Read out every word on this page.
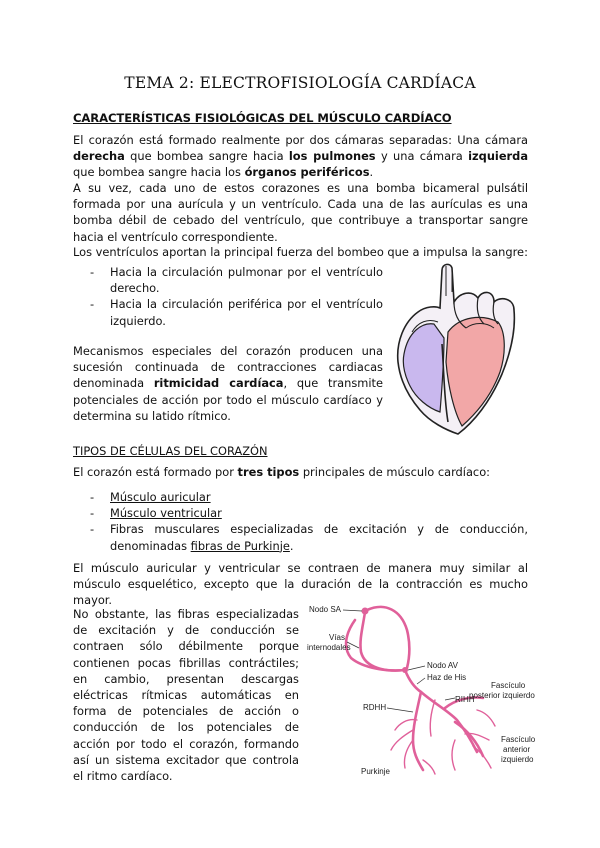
TEMA 2: ELECTROFISIOLOGÍA CARDÍACA
CARACTERÍSTICAS FISIOLÓGICAS DEL MÚSCULO CARDÍACO

El corazón está formado realmente por dos cámaras separadas: Una cámara derecha que bombea sangre hacia los pulmones y una cámara izquierda que bombea sangre hacia los órganos periféricos.

A su vez, cada uno de estos corazones es una bomba bicameral pulsátil formada por una aurícula y un ventrículo. Cada una de las aurículas es una bomba débil de cebado del ventrículo, que contribuye a transportar sangre hacia el ventrículo correspondiente.

Los ventrículos aportan la principal fuerza del bombeo que a impulsa la sangre:

- Hacia la circulación pulmonar por el ventrículo derecho.
- Hacia la circulación periférica por el ventrículo izquierdo.

Mecanismos especiales del corazón producen una sucesión continuada de contracciones cardiacas denominada ritmicidad cardíaca, que transmite potenciales de acción por todo el músculo cardíaco y determina su latido rítmico.

TIPOS DE CÉLULAS DEL CORAZÓN

El corazón está formado por tres tipos principales de músculo cardíaco:

- Músculo auricular
- Músculo ventricular
- Fibras musculares especializadas de excitación y de conducción, denominadas fibras de Purkinje.

El músculo auricular y ventricular se contraen de manera muy similar al músculo esquelético, excepto que la duración de la contracción es mucho mayor.

No obstante, las fibras especializadas de excitación y de conducción se contraen sólo débilmente porque contienen pocas fibrillas contráctiles; en cambio, presentan descargas eléctricas rítmicas automáticas en forma de potenciales de acción o conducción de los potenciales de acción por todo el corazón, formando así un sistema excitador que controla el ritmo cardíaco.

Nodo SA
Vías
internodales
Nodo AV
Haz de His
RIHH
RDHH
Fascículo
posterior izquierdo
Fascículo
anterior
izquierdo
Purkinje
